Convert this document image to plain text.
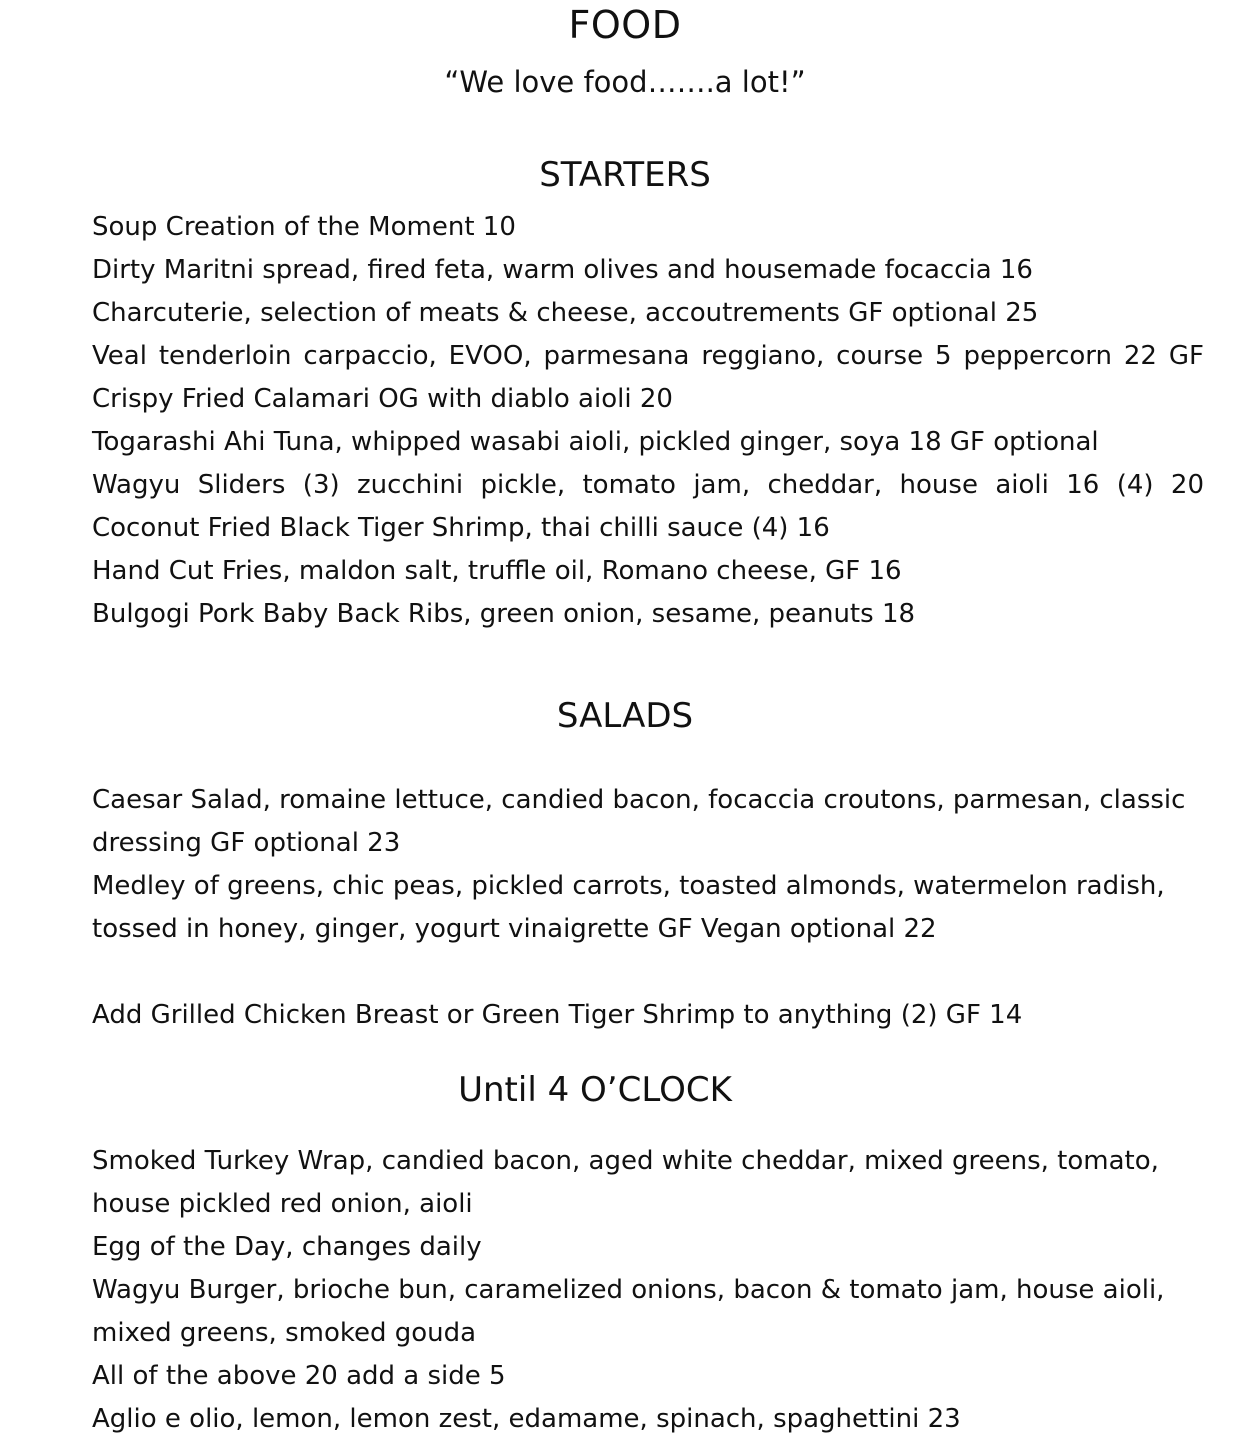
FOOD
“We love food…….a lot!”
STARTERS
Soup Creation of the Moment 10
Dirty Maritni spread, fired feta, warm olives and housemade focaccia 16
Charcuterie, selection of meats & cheese, accoutrements GF optional 25
Veal tenderloin carpaccio, EVOO, parmesana reggiano, course 5 peppercorn 22 GF
Crispy Fried Calamari OG with diablo aioli 20
Togarashi Ahi Tuna, whipped wasabi aioli, pickled ginger, soya 18 GF optional
Wagyu Sliders (3) zucchini pickle, tomato jam, cheddar, house aioli 16 (4) 20
Coconut Fried Black Tiger Shrimp, thai chilli sauce (4) 16
Hand Cut Fries, maldon salt, truffle oil, Romano cheese, GF 16
Bulgogi Pork Baby Back Ribs, green onion, sesame, peanuts 18
SALADS
Caesar Salad, romaine lettuce, candied bacon, focaccia croutons, parmesan, classic dressing GF optional 23
Medley of greens, chic peas, pickled carrots, toasted almonds, watermelon radish, tossed in honey, ginger, yogurt vinaigrette GF Vegan optional 22
Add Grilled Chicken Breast or Green Tiger Shrimp to anything (2) GF 14
Until 4 O’CLOCK
Smoked Turkey Wrap, candied bacon, aged white cheddar, mixed greens, tomato, house pickled red onion, aioli
Egg of the Day, changes daily
Wagyu Burger, brioche bun, caramelized onions, bacon & tomato jam, house aioli, mixed greens, smoked gouda
All of the above 20 add a side 5
Aglio e olio, lemon, lemon zest, edamame, spinach, spaghettini 23
